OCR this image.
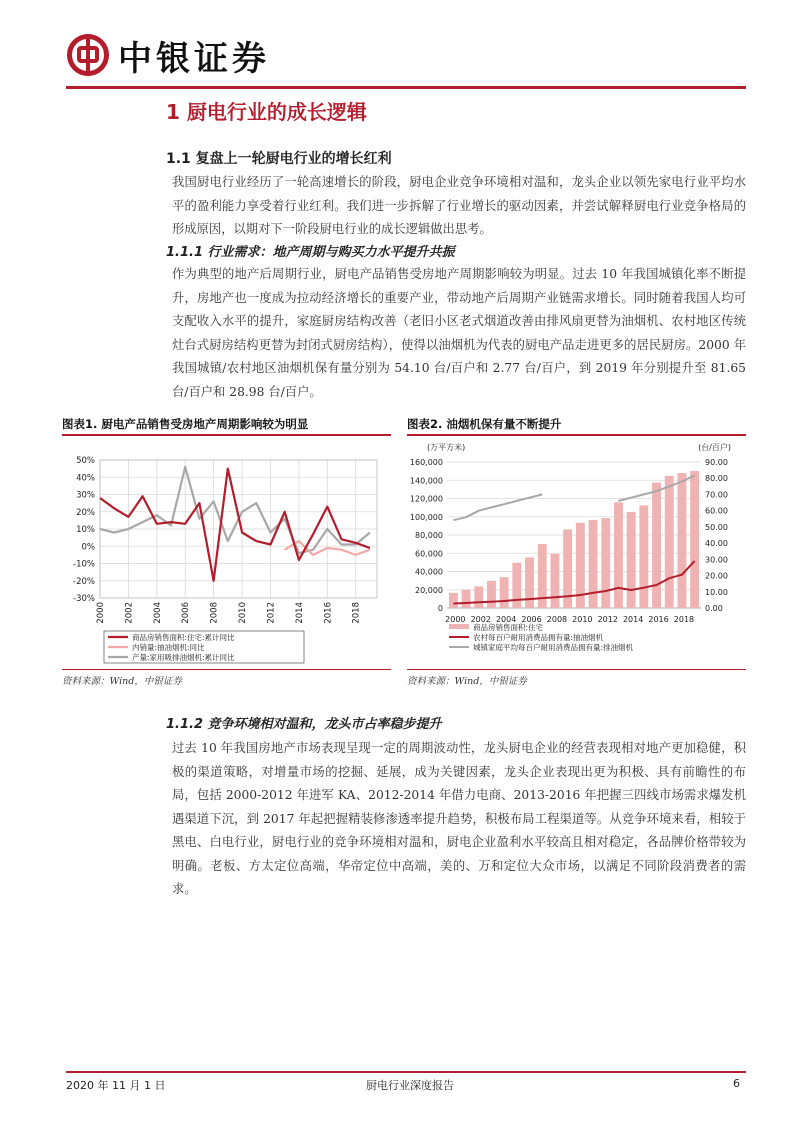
中银证券
1 厨电行业的成长逻辑
1.1 复盘上一轮厨电行业的增长红利

我国厨电行业经历了一轮高速增长的阶段，厨电企业竞争环境相对温和，龙头企业以领先家电行业平均水平的盈利能力享受着行业红利。我们进一步拆解了行业增长的驱动因素，并尝试解释厨电行业竞争格局的形成原因，以期对下一阶段厨电行业的成长逻辑做出思考。

1.1.1 行业需求：地产周期与购买力水平提升共振

作为典型的地产后周期行业，厨电产品销售受房地产周期影响较为明显。过去 10 年我国城镇化率不断提升，房地产也一度成为拉动经济增长的重要产业，带动地产后周期产业链需求增长。同时随着我国人均可支配收入水平的提升，家庭厨房结构改善（老旧小区老式烟道改善由排风扇更替为油烟机、农村地区传统灶台式厨房结构更替为封闭式厨房结构），使得以油烟机为代表的厨电产品走进更多的居民厨房。2000 年我国城镇/农村地区油烟机保有量分别为 54.10 台/百户和 2.77 台/百户，到 2019 年分别提升至 81.65 台/百户和 28.98 台/百户。

图表1. 厨电产品销售受房地产周期影响较为明显
50%
40%
30%
20%
10%
0%
-10%
-20%
-30%
2000 2002 2004 2006 2008 2010 2012 2014 2016 2018
商品房销售面积:住宅:累计同比
内销量:抽油烟机:同比
产量:家用吸排油烟机:累计同比
资料来源：Wind，中银证券
图表2. 油烟机保有量不断提升
(万平方米)	(台/百户)
160,000
140,000
120,000
100,000
80,000
60,000
40,000
20,000
0
90.00
80.00
70.00
60.00
50.00
40.00
30.00
20.00
10.00
0.00
2000 2002 2004 2006 2008 2010 2012 2014 2016 2018
商品房销售面积:住宅
农村每百户耐用消费品拥有量:抽油烟机
城镇家庭平均每百户耐用消费品拥有量:排油烟机
资料来源：Wind，中银证券
1.1.2 竞争环境相对温和，龙头市占率稳步提升

过去 10 年我国房地产市场表现呈现一定的周期波动性，龙头厨电企业的经营表现相对地产更加稳健，积极的渠道策略，对增量市场的挖掘、延展，成为关键因素，龙头企业表现出更为积极、具有前瞻性的布局，包括 2000-2012 年进军 KA、2012-2014 年借力电商、2013-2016 年把握三四线市场需求爆发机遇渠道下沉，到 2017 年起把握精装修渗透率提升趋势，积极布局工程渠道等。从竞争环境来看，相较于黑电、白电行业，厨电行业的竞争环境相对温和，厨电企业盈利水平较高且相对稳定，各品牌价格带较为明确。老板、方太定位高端，华帝定位中高端，美的、万和定位大众市场，以满足不同阶段消费者的需求。

2020 年 11 月 1 日	厨电行业深度报告	6
